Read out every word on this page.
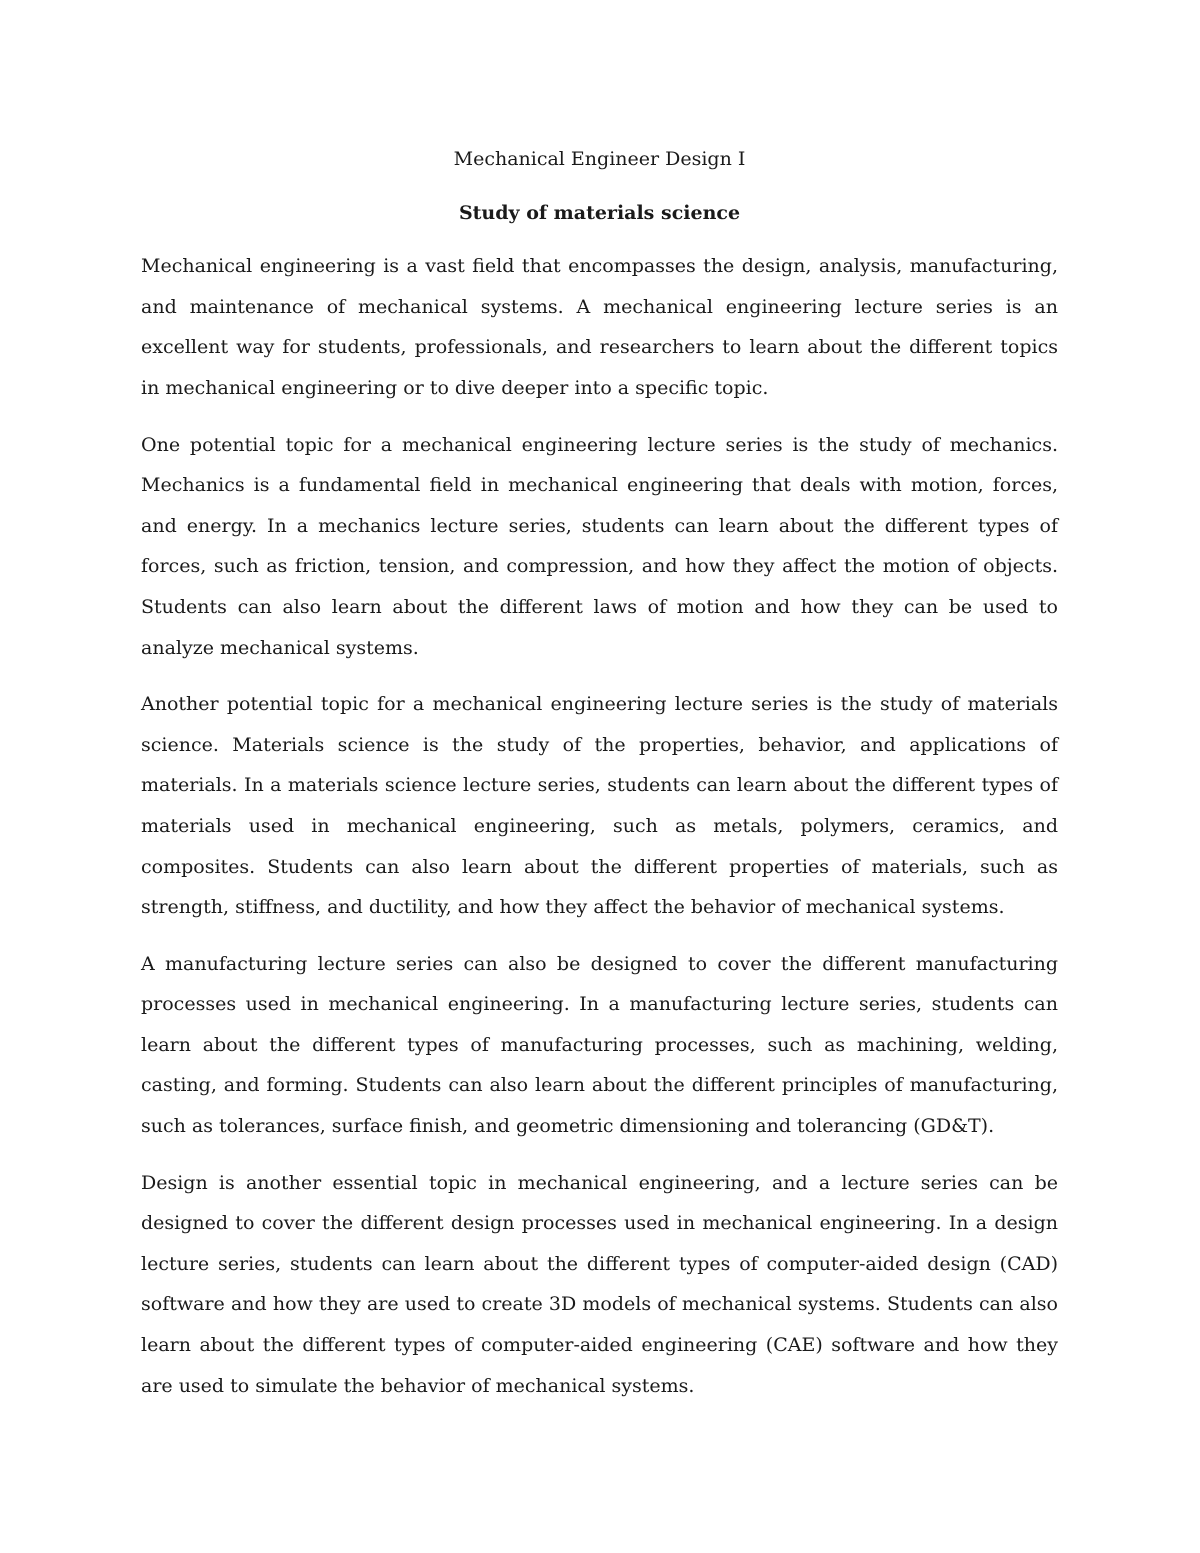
Mechanical Engineer Design I

Study of materials science

Mechanical engineering is a vast field that encompasses the design, analysis, manufacturing, and maintenance of mechanical systems. A mechanical engineering lecture series is an excellent way for students, professionals, and researchers to learn about the different topics in mechanical engineering or to dive deeper into a specific topic.

One potential topic for a mechanical engineering lecture series is the study of mechanics. Mechanics is a fundamental field in mechanical engineering that deals with motion, forces, and energy. In a mechanics lecture series, students can learn about the different types of forces, such as friction, tension, and compression, and how they affect the motion of objects. Students can also learn about the different laws of motion and how they can be used to analyze mechanical systems.

Another potential topic for a mechanical engineering lecture series is the study of materials science. Materials science is the study of the properties, behavior, and applications of materials. In a materials science lecture series, students can learn about the different types of materials used in mechanical engineering, such as metals, polymers, ceramics, and composites. Students can also learn about the different properties of materials, such as strength, stiffness, and ductility, and how they affect the behavior of mechanical systems.

A manufacturing lecture series can also be designed to cover the different manufacturing processes used in mechanical engineering. In a manufacturing lecture series, students can learn about the different types of manufacturing processes, such as machining, welding, casting, and forming. Students can also learn about the different principles of manufacturing, such as tolerances, surface finish, and geometric dimensioning and tolerancing (GD&T).

Design is another essential topic in mechanical engineering, and a lecture series can be designed to cover the different design processes used in mechanical engineering. In a design lecture series, students can learn about the different types of computer-aided design (CAD) software and how they are used to create 3D models of mechanical systems. Students can also learn about the different types of computer-aided engineering (CAE) software and how they are used to simulate the behavior of mechanical systems.
